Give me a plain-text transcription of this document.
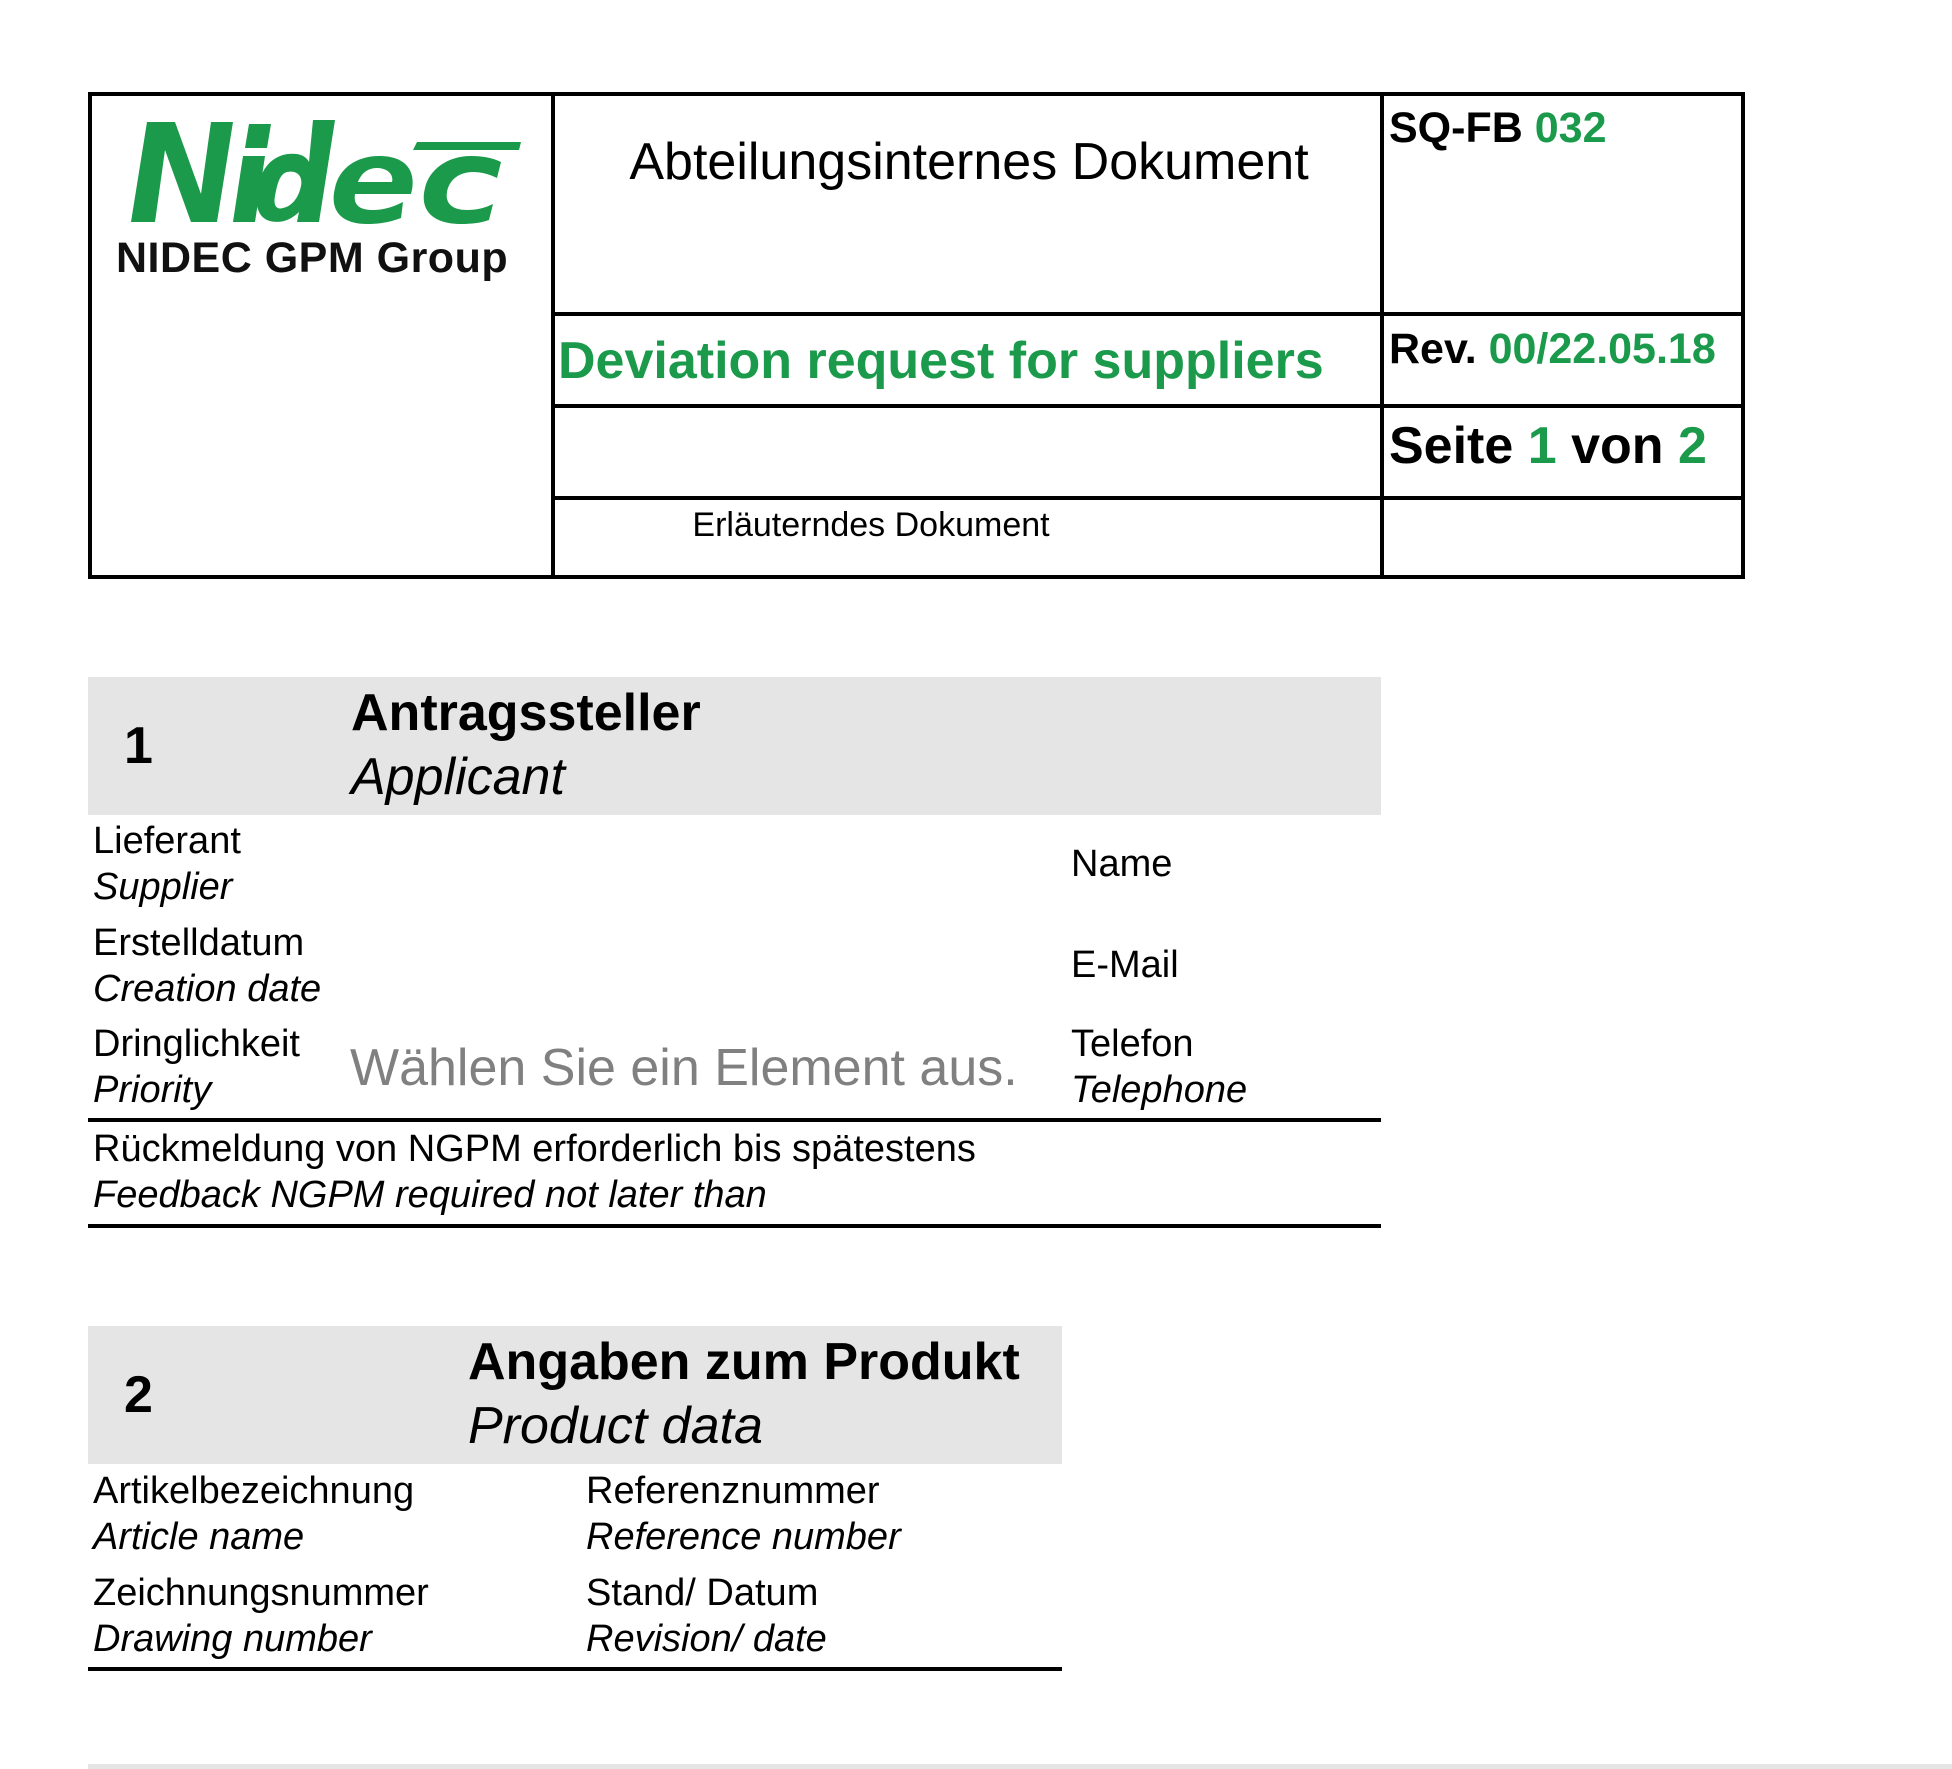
NIDEC GPM Group
Abteilungsinternes Dokument
Deviation request for suppliers
Erläuterndes Dokument
SQ-FB 032
Rev. 00/22.05.18
Seite 1 von 2
1
Antragssteller
Applicant
Lieferant
Supplier
Erstelldatum
Creation date
Dringlichkeit
Priority	Wählen Sie ein Element aus.
Name
E-Mail
Telefon
Telephone
Rückmeldung von NGPM erforderlich bis spätestens
Feedback NGPM required not later than
2
Angaben zum Produkt
Product data
Artikelbezeichnung
Article name
Zeichnungsnummer
Drawing number
Referenznummer
Reference number
Stand/ Datum
Revision/ date
